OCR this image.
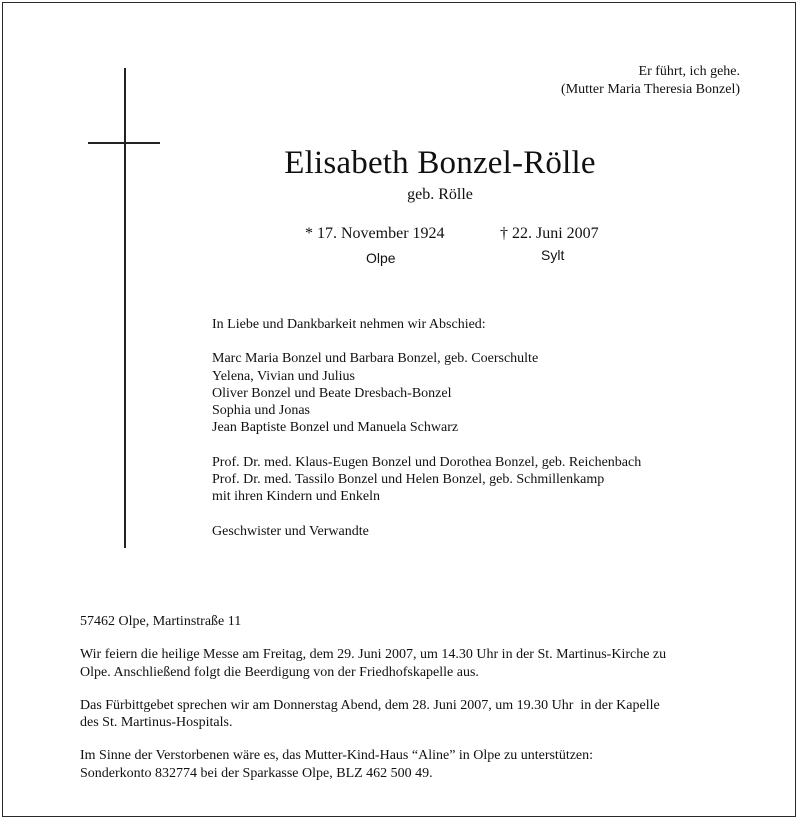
Er führt, ich gehe.
(Mutter Maria Theresia Bonzel)
Elisabeth Bonzel-Rölle
geb. Rölle
* 17. November 1924	† 22. Juni 2007
Olpe	Sylt
In Liebe und Dankbarkeit nehmen wir Abschied:
Marc Maria Bonzel und Barbara Bonzel, geb. Coerschulte
Yelena, Vivian und Julius
Oliver Bonzel und Beate Dresbach-Bonzel
Sophia und Jonas
Jean Baptiste Bonzel und Manuela Schwarz
Prof. Dr. med. Klaus-Eugen Bonzel und Dorothea Bonzel, geb. Reichenbach
Prof. Dr. med. Tassilo Bonzel und Helen Bonzel, geb. Schmillenkamp
mit ihren Kindern und Enkeln
Geschwister und Verwandte
57462 Olpe, Martinstraße 11
Wir feiern die heilige Messe am Freitag, dem 29. Juni 2007, um 14.30 Uhr in der St. Martinus-Kirche zu
Olpe. Anschließend folgt die Beerdigung von der Friedhofskapelle aus.
Das Fürbittgebet sprechen wir am Donnerstag Abend, dem 28. Juni 2007, um 19.30 Uhr  in der Kapelle
des St. Martinus-Hospitals.
Im Sinne der Verstorbenen wäre es, das Mutter-Kind-Haus “Aline” in Olpe zu unterstützen:
Sonderkonto 832774 bei der Sparkasse Olpe, BLZ 462 500 49.
